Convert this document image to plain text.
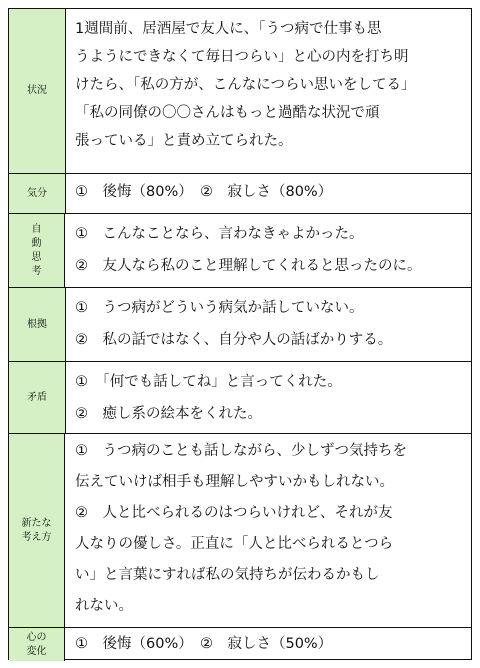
状況
1週間前、居酒屋で友人に、「うつ病で仕事も思
うようにできなくて毎日つらい」と心の内を打ち明
けたら、「私の方が、こんなにつらい思いをしてる」
「私の同僚の〇〇さんはもっと過酷な状況で頑
張っている」と責め立てられた。
気分	①　後悔（80%）　②　寂しさ（80%）
自動思考
①　こんなことなら、言わなきゃよかった。
②　友人なら私のこと理解してくれると思ったのに。
根拠
①　うつ病がどういう病気か話していない。
②　私の話ではなく、自分や人の話ばかりする。
矛盾
①　「何でも話してね」と言ってくれた。
②　癒し系の絵本をくれた。
新たな考え方
①　うつ病のことも話しながら、少しずつ気持ちを
伝えていけば相手も理解しやすいかもしれない。
②　人と比べられるのはつらいけれど、それが友
人なりの優しさ。正直に「人と比べられるとつら
い」と言葉にすれば私の気持ちが伝わるかもし
れない。
心の変化	①　後悔（60%）　②　寂しさ（50%）
